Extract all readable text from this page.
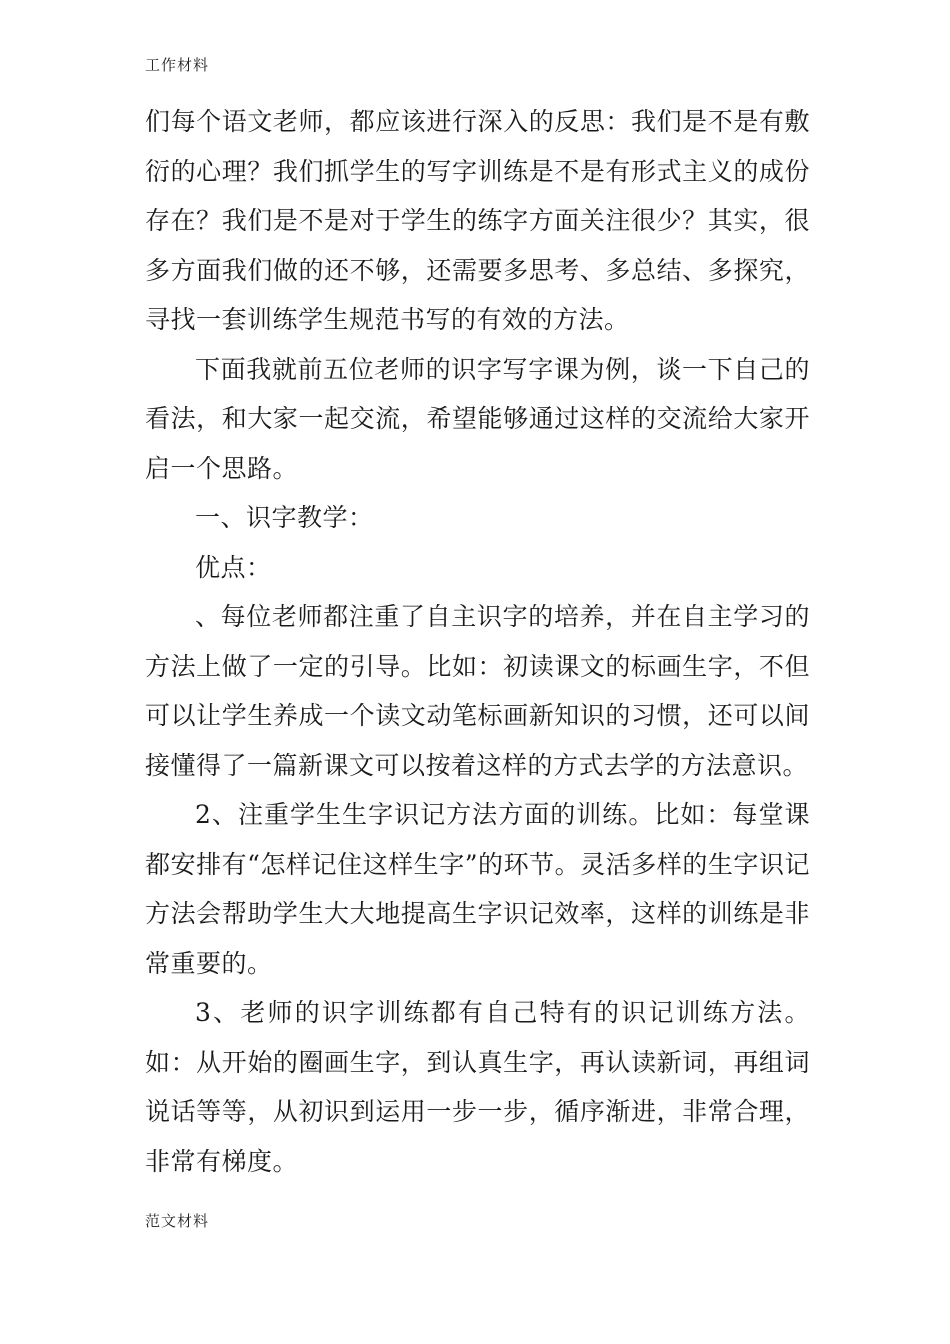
工作材料

们每个语文老师，都应该进行深入的反思：我们是不是有敷衍的心理？我们抓学生的写字训练是不是有形式主义的成份存在？我们是不是对于学生的练字方面关注很少？其实，很多方面我们做的还不够，还需要多思考、多总结、多探究，寻找一套训练学生规范书写的有效的方法。

下面我就前五位老师的识字写字课为例，谈一下自己的看法，和大家一起交流，希望能够通过这样的交流给大家开启一个思路。

一、识字教学：

优点：

、每位老师都注重了自主识字的培养，并在自主学习的方法上做了一定的引导。比如：初读课文的标画生字，不但可以让学生养成一个读文动笔标画新知识的习惯，还可以间接懂得了一篇新课文可以按着这样的方式去学的方法意识。

2、注重学生生字识记方法方面的训练。比如：每堂课都安排有“怎样记住这样生字”的环节。灵活多样的生字识记方法会帮助学生大大地提高生字识记效率，这样的训练是非常重要的。

3、老师的识字训练都有自己特有的识记训练方法。如：从开始的圈画生字，到认真生字，再认读新词，再组词说话等等，从初识到运用一步一步，循序渐进，非常合理，非常有梯度。

范文材料
